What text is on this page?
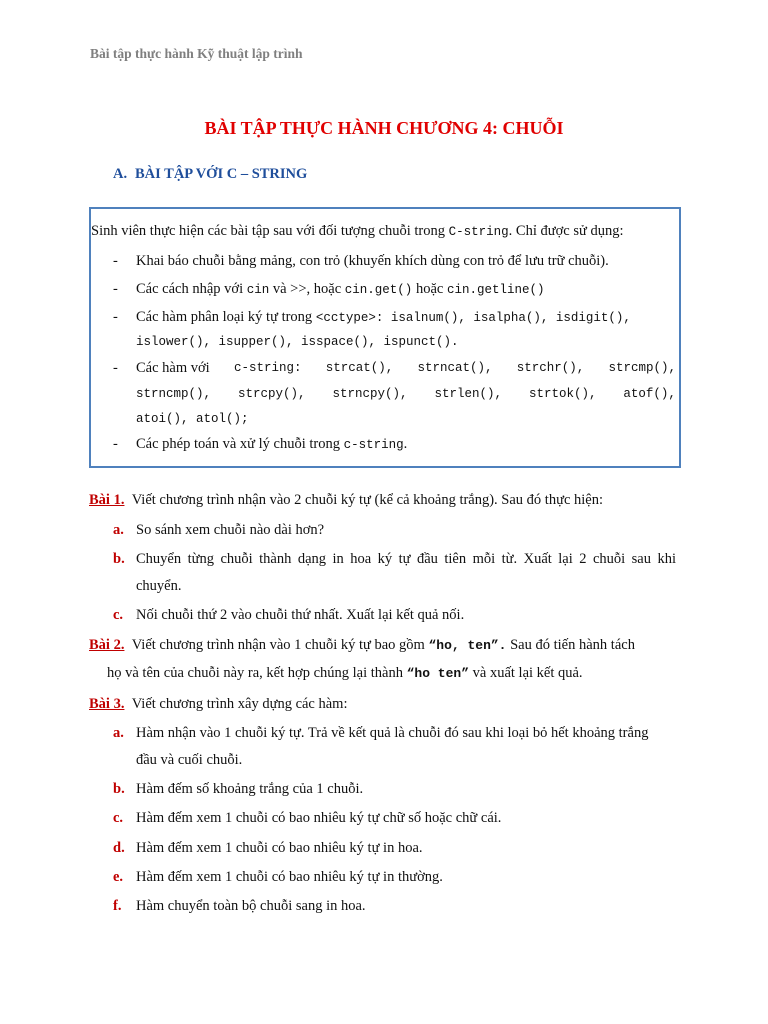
Bài tập thực hành Kỹ thuật lập trình
BÀI TẬP THỰC HÀNH CHƯƠNG 4: CHUỖI
A. BÀI TẬP VỚI C – STRING
Sinh viên thực hiện các bài tập sau với đối tượng chuỗi trong C-string. Chỉ được sử dụng:
- Khai báo chuỗi bằng mảng, con trỏ (khuyến khích dùng con trỏ để lưu trữ chuỗi).
- Các cách nhập với cin và >>, hoặc cin.get() hoặc cin.getline()
- Các hàm phân loại ký tự trong <cctype>: isalnum(), isalpha(), isdigit(),
islower(), isupper(), isspace(), ispunct().
- Các hàm với c-string: strcat(), strncat(), strchr(), strcmp(),
strncmp(), strcpy(), strncpy(), strlen(), strtok(), atof(),
atoi(), atol();
- Các phép toán và xử lý chuỗi trong c-string.
Bài 1. Viết chương trình nhận vào 2 chuỗi ký tự (kể cả khoảng trắng). Sau đó thực hiện:
a. So sánh xem chuỗi nào dài hơn?
b. Chuyển từng chuỗi thành dạng in hoa ký tự đầu tiên mỗi từ. Xuất lại 2 chuỗi sau khi
chuyển.
c. Nối chuỗi thứ 2 vào chuỗi thứ nhất. Xuất lại kết quả nối.
Bài 2. Viết chương trình nhận vào 1 chuỗi ký tự bao gồm “ho, ten”. Sau đó tiến hành tách
họ và tên của chuỗi này ra, kết hợp chúng lại thành “ho ten” và xuất lại kết quả.
Bài 3. Viết chương trình xây dựng các hàm:
a. Hàm nhận vào 1 chuỗi ký tự. Trả về kết quả là chuỗi đó sau khi loại bỏ hết khoảng trắng
đầu và cuối chuỗi.
b. Hàm đếm số khoảng trắng của 1 chuỗi.
c. Hàm đếm xem 1 chuỗi có bao nhiêu ký tự chữ số hoặc chữ cái.
d. Hàm đếm xem 1 chuỗi có bao nhiêu ký tự in hoa.
e. Hàm đếm xem 1 chuỗi có bao nhiêu ký tự in thường.
f. Hàm chuyển toàn bộ chuỗi sang in hoa.
